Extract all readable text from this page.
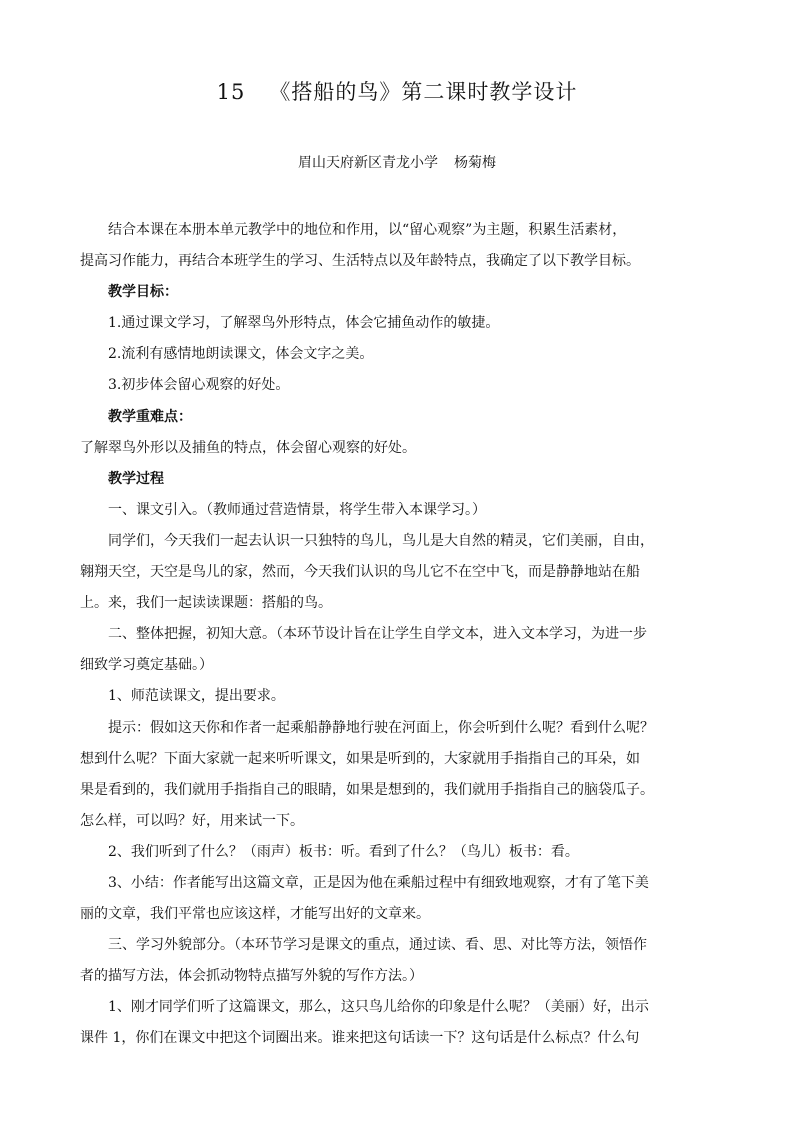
15 《搭船的鸟》第二课时教学设计
眉山天府新区青龙小学 杨菊梅
结合本课在本册本单元教学中的地位和作用，以“留心观察”为主题，积累生活素材，
提高习作能力，再结合本班学生的学习、生活特点以及年龄特点，我确定了以下教学目标。
教学目标：
1.通过课文学习，了解翠鸟外形特点，体会它捕鱼动作的敏捷。
2.流利有感情地朗读课文，体会文字之美。
3.初步体会留心观察的好处。
教学重难点：
了解翠鸟外形以及捕鱼的特点，体会留心观察的好处。
教学过程
一、课文引入。（教师通过营造情景，将学生带入本课学习。）
同学们，今天我们一起去认识一只独特的鸟儿，鸟儿是大自然的精灵，它们美丽，自由，
翱翔天空，天空是鸟儿的家，然而，今天我们认识的鸟儿它不在空中飞，而是静静地站在船
上。来，我们一起读读课题：搭船的鸟。
二、整体把握，初知大意。（本环节设计旨在让学生自学文本，进入文本学习，为进一步
细致学习奠定基础。）
1、师范读课文，提出要求。
提示：假如这天你和作者一起乘船静静地行驶在河面上，你会听到什么呢？看到什么呢？
想到什么呢？下面大家就一起来听听课文，如果是听到的，大家就用手指指自己的耳朵，如
果是看到的，我们就用手指指自己的眼睛，如果是想到的，我们就用手指指自己的脑袋瓜子。
怎么样，可以吗？好，用来试一下。
2、我们听到了什么？（雨声）板书：听。看到了什么？（鸟儿）板书：看。
3、小结：作者能写出这篇文章，正是因为他在乘船过程中有细致地观察，才有了笔下美
丽的文章，我们平常也应该这样，才能写出好的文章来。
三、学习外貌部分。（本环节学习是课文的重点，通过读、看、思、对比等方法，领悟作
者的描写方法，体会抓动物特点描写外貌的写作方法。）
1、刚才同学们听了这篇课文，那么，这只鸟儿给你的印象是什么呢？（美丽）好，出示
课件 1，你们在课文中把这个词圈出来。谁来把这句话读一下？这句话是什么标点？什么句
